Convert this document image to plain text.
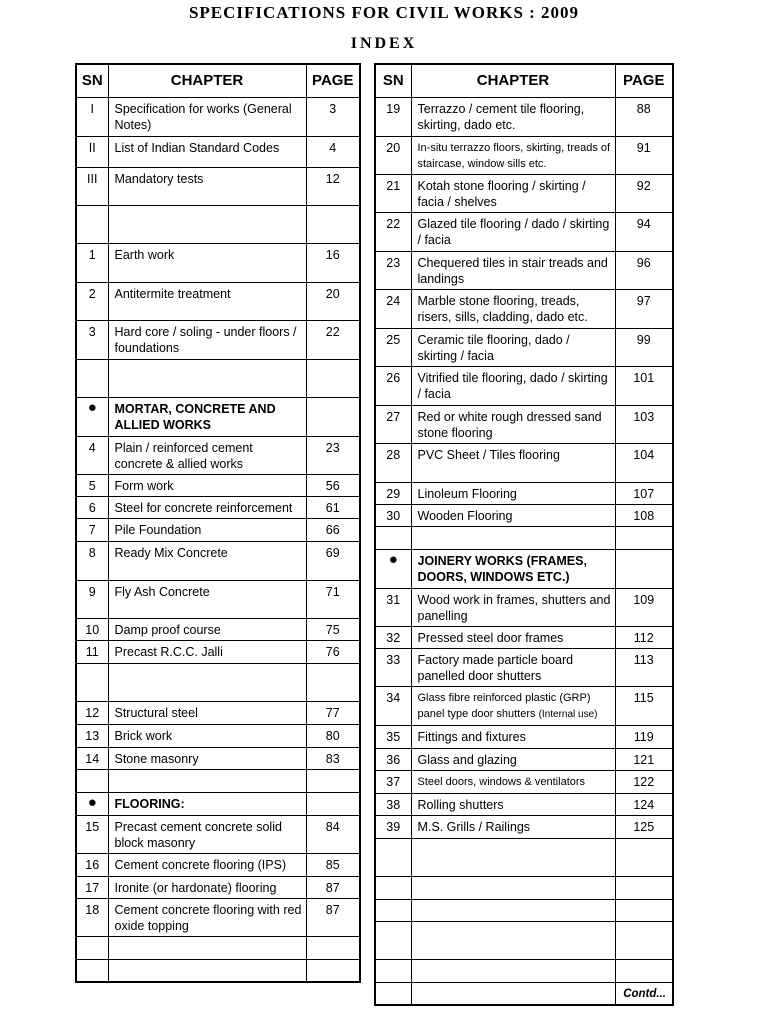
SPECIFICATIONS FOR CIVIL WORKS : 2009
INDEX
SN	CHAPTER	PAGE
I	Specification for works (General Notes)	3
II	List of Indian Standard Codes	4
III	Mandatory tests	12

1	Earth work	16
2	Antitermite treatment	20
3	Hard core / soling - under floors / foundations	22

●	MORTAR, CONCRETE AND ALLIED WORKS	
4	Plain / reinforced cement concrete & allied works	23
5	Form work	56
6	Steel for concrete reinforcement	61
7	Pile Foundation	66
8	Ready Mix Concrete	69
9	Fly Ash Concrete	71
10	Damp proof course	75
11	Precast R.C.C. Jalli	76

12	Structural steel	77
13	Brick work	80
14	Stone masonry	83

●	FLOORING:	
15	Precast cement concrete solid block masonry	84
16	Cement concrete flooring (IPS)	85
17	Ironite (or hardonate) flooring	87
18	Cement concrete flooring with red oxide topping	87

SN	CHAPTER	PAGE
19	Terrazzo / cement tile flooring, skirting, dado etc.	88
20	In-situ terrazzo floors, skirting, treads of staircase, window sills etc.	91
21	Kotah stone flooring / skirting / facia / shelves	92
22	Glazed tile flooring / dado / skirting / facia	94
23	Chequered tiles in stair treads and landings	96
24	Marble stone flooring, treads, risers, sills, cladding, dado etc.	97
25	Ceramic tile flooring, dado / skirting / facia	99
26	Vitrified tile flooring, dado / skirting / facia	101
27	Red or white rough dressed sand stone flooring	103
28	PVC Sheet / Tiles flooring	104
29	Linoleum Flooring	107
30	Wooden Flooring	108

●	JOINERY WORKS (FRAMES, DOORS, WINDOWS ETC.)	
31	Wood work in frames, shutters and panelling	109
32	Pressed steel door frames	112
33	Factory made particle board panelled door shutters	113
34	Glass fibre reinforced plastic (GRP) panel type door shutters (Internal use)	115
35	Fittings and fixtures	119
36	Glass and glazing	121
37	Steel doors, windows & ventilators	122
38	Rolling shutters	124
39	M.S. Grills / Railings	125

		Contd...
